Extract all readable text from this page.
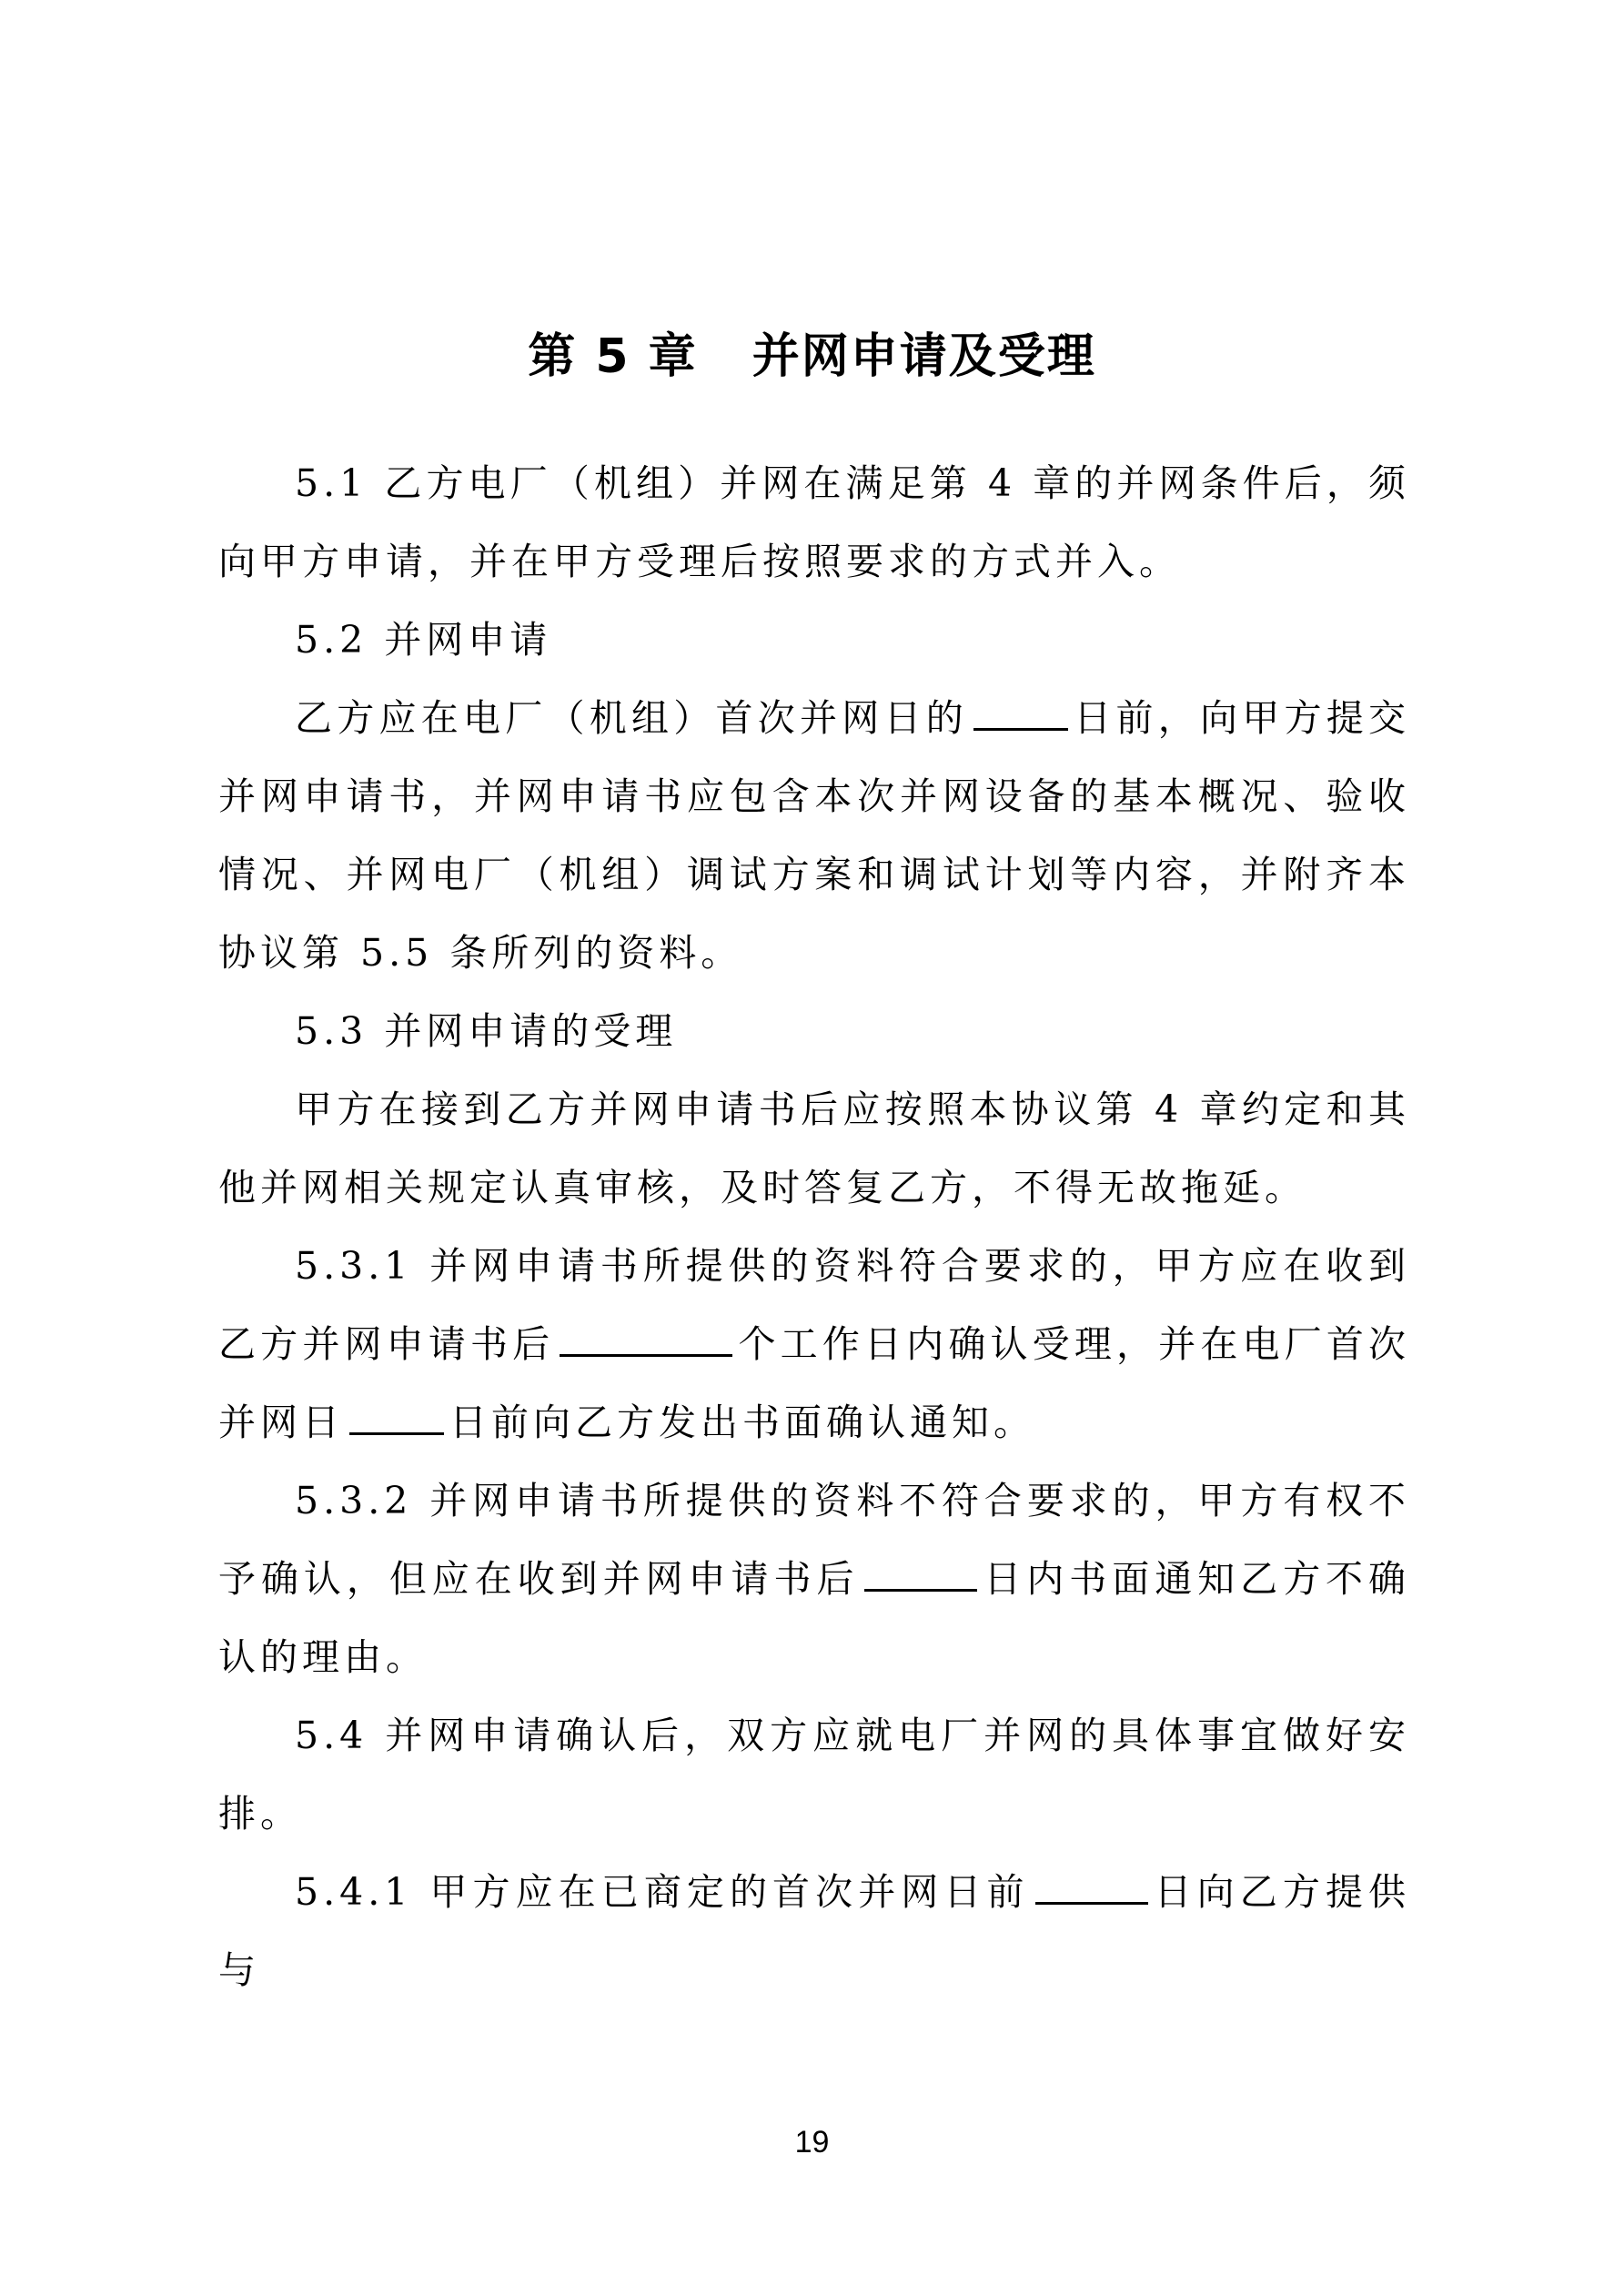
第 5 章 并网申请及受理

5.1 乙方电厂（机组）并网在满足第 4 章的并网条件后，须向甲方申请，并在甲方受理后按照要求的方式并入。

5.2 并网申请

乙方应在电厂（机组）首次并网日的	日前，向甲方提交并网申请书，并网申请书应包含本次并网设备的基本概况、验收情况、并网电厂（机组）调试方案和调试计划等内容，并附齐本协议第 5.5 条所列的资料。

5.3 并网申请的受理

甲方在接到乙方并网申请书后应按照本协议第 4 章约定和其他并网相关规定认真审核，及时答复乙方，不得无故拖延。

5.3.1 并网申请书所提供的资料符合要求的，甲方应在收到乙方并网申请书后	个工作日内确认受理，并在电厂首次并网日	日前向乙方发出书面确认通知。

5.3.2 并网申请书所提供的资料不符合要求的，甲方有权不予确认，但应在收到并网申请书后	日内书面通知乙方不确认的理由。

5.4 并网申请确认后，双方应就电厂并网的具体事宜做好安排。

5.4.1 甲方应在已商定的首次并网日前	日向乙方提供与

19
